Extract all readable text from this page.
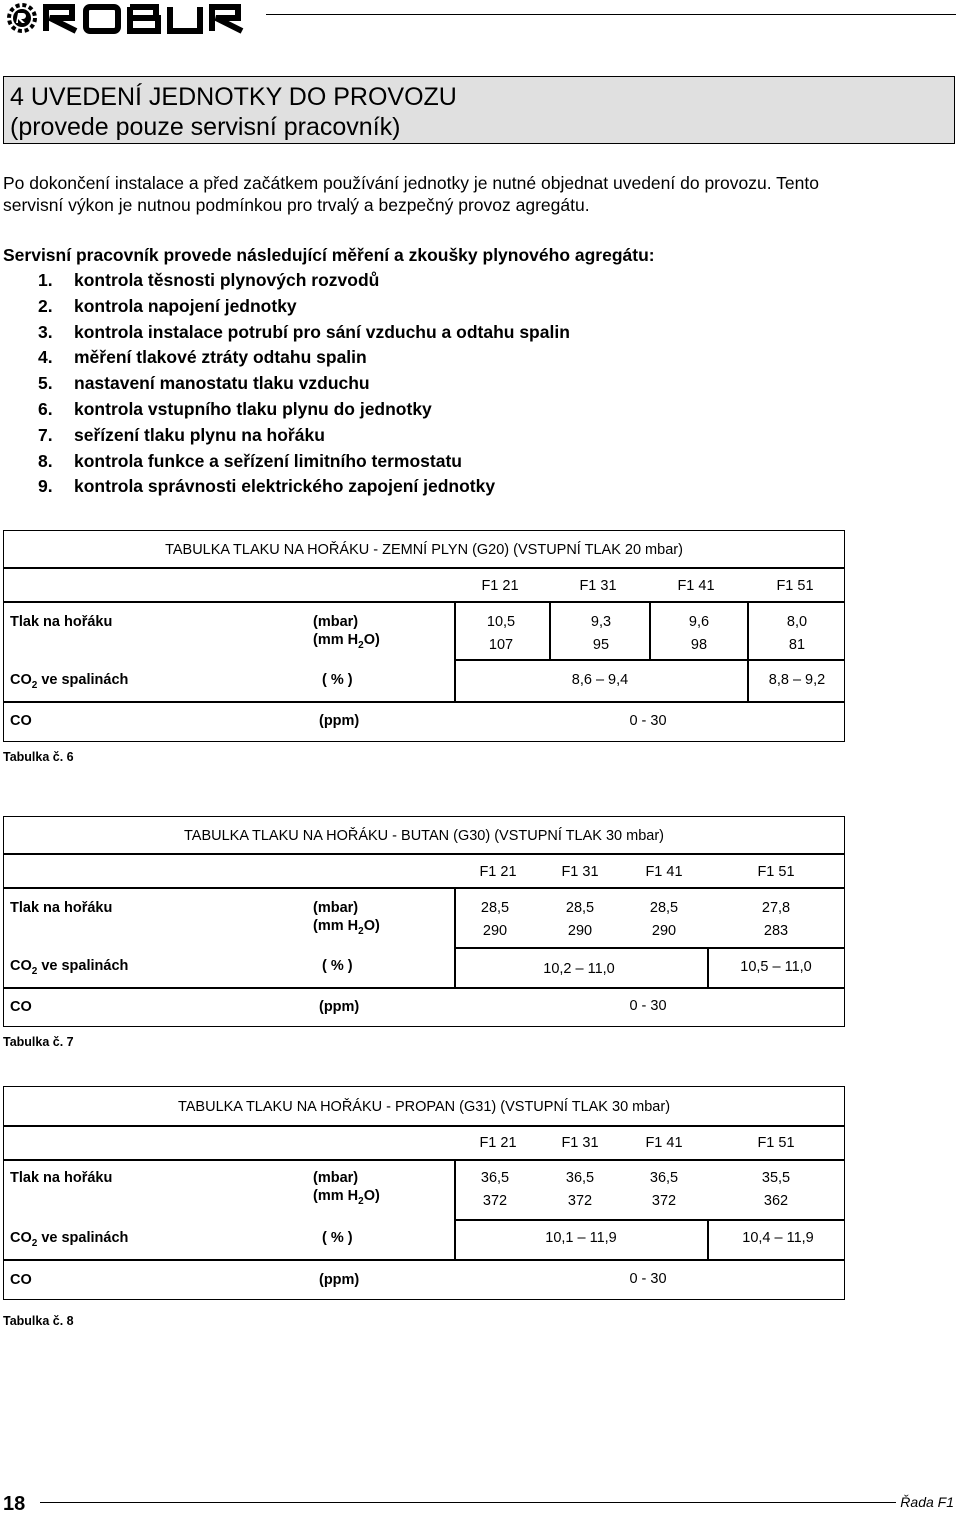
ROBUR
4 UVEDENÍ JEDNOTKY DO PROVOZU
(provede pouze servisní pracovník)
Po dokončení instalace a před začátkem používání jednotky je nutné objednat uvedení do provozu. Tento
servisní výkon je nutnou podmínkou pro trvalý a bezpečný provoz agregátu.
Servisní pracovník provede následující měření a zkoušky plynového agregátu:
1. kontrola těsnosti plynových rozvodů
2. kontrola napojení jednotky
3. kontrola instalace potrubí pro sání vzduchu a odtahu spalin
4. měření tlakové ztráty odtahu spalin
5. nastavení manostatu tlaku vzduchu
6. kontrola vstupního tlaku plynu do jednotky
7. seřízení tlaku plynu na hořáku
8. kontrola funkce a seřízení limitního termostatu
9. kontrola správnosti elektrického zapojení jednotky
TABULKA TLAKU NA HOŘÁKU - ZEMNÍ PLYN (G20) (VSTUPNÍ TLAK 20 mbar)
F1 21	F1 31	F1 41	F1 51
Tlak na hořáku	(mbar)
(mm $H_2O$)
10,5	9,3	9,6	8,0
107	95	98	81
$CO_2$ ve spalinách	( % )	8,6 – 9,4	8,8 – 9,2
CO	(ppm)	0 - 30
Tabulka č. 6
TABULKA TLAKU NA HOŘÁKU - BUTAN (G30) (VSTUPNÍ TLAK 30 mbar)
F1 21	F1 31	F1 41	F1 51
Tlak na hořáku	(mbar)
(mm $H_2O$)
28,5	28,5	28,5	27,8
290	290	290	283
$CO_2$ ve spalinách	( % )	10,2 – 11,0	10,5 – 11,0
CO	(ppm)	0 - 30
Tabulka č. 7
TABULKA TLAKU NA HOŘÁKU - PROPAN (G31) (VSTUPNÍ TLAK 30 mbar)
F1 21	F1 31	F1 41	F1 51
Tlak na hořáku	(mbar)
(mm $H_2O$)
36,5	36,5	36,5	35,5
372	372	372	362
$CO_2$ ve spalinách	( % )	10,1 – 11,9	10,4 – 11,9
CO	(ppm)	0 - 30
Tabulka č. 8
18	Řada F1
